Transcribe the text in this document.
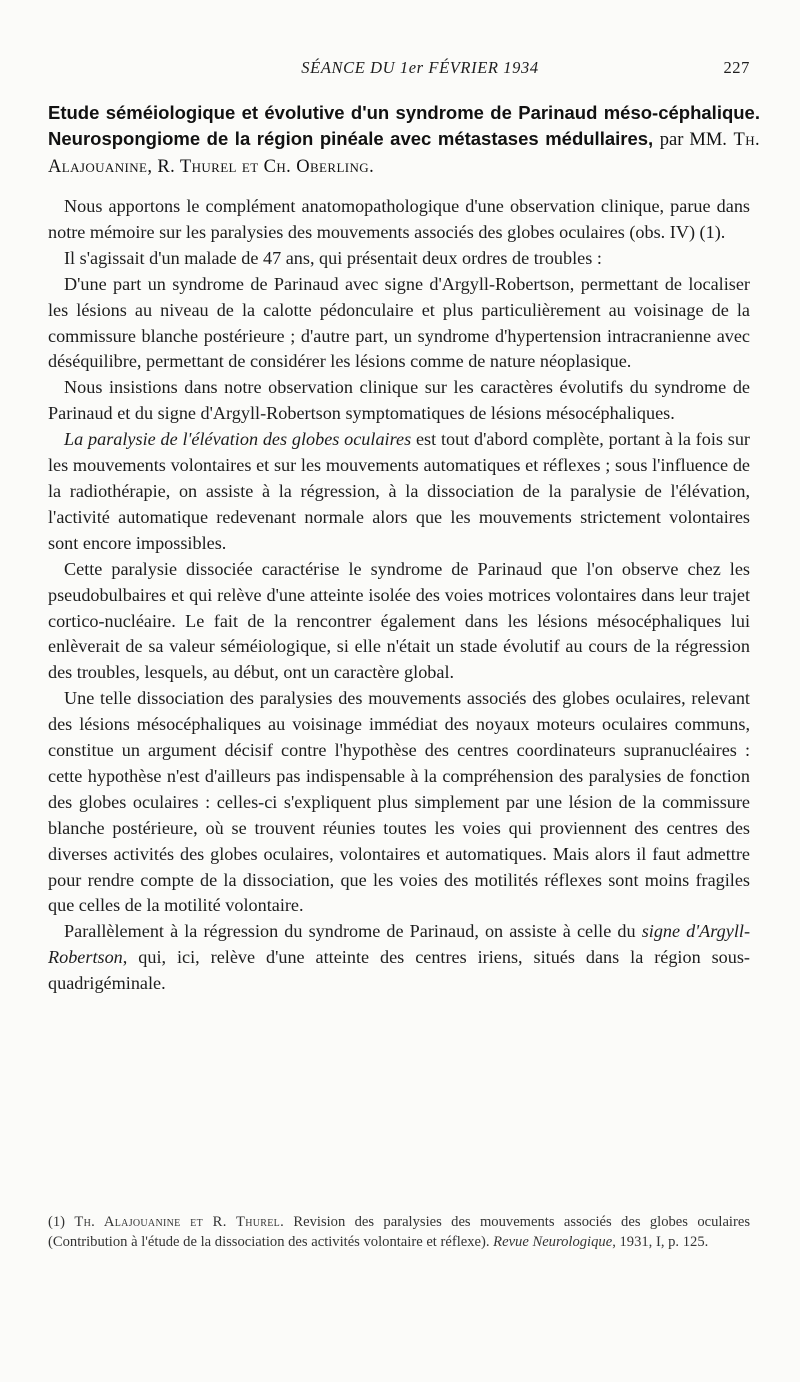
SÉANCE DU 1er FÉVRIER 1934	227
Etude séméiologique et évolutive d'un syndrome de Parinaud méso-céphalique. Neurospongiome de la région pinéale avec métastases médullaires, par MM. Th. Alajouanine, R. Thurel et Ch. Oberling.

Nous apportons le complément anatomopathologique d'une observation clinique, parue dans notre mémoire sur les paralysies des mouvements associés des globes oculaires (obs. IV) (1).

Il s'agissait d'un malade de 47 ans, qui présentait deux ordres de troubles :

D'une part un syndrome de Parinaud avec signe d'Argyll-Robertson, permettant de localiser les lésions au niveau de la calotte pédonculaire et plus particulièrement au voisinage de la commissure blanche postérieure ; d'autre part, un syndrome d'hypertension intracranienne avec déséquilibre, permettant de considérer les lésions comme de nature néoplasique.

Nous insistions dans notre observation clinique sur les caractères évolutifs du syndrome de Parinaud et du signe d'Argyll-Robertson symptomatiques de lésions mésocéphaliques.

La paralysie de l'élévation des globes oculaires est tout d'abord complète, portant à la fois sur les mouvements volontaires et sur les mouvements automatiques et réflexes ; sous l'influence de la radiothérapie, on assiste à la régression, à la dissociation de la paralysie de l'élévation, l'activité automatique redevenant normale alors que les mouvements strictement volontaires sont encore impossibles.

Cette paralysie dissociée caractérise le syndrome de Parinaud que l'on observe chez les pseudobulbaires et qui relève d'une atteinte isolée des voies motrices volontaires dans leur trajet cortico-nucléaire. Le fait de la rencontrer également dans les lésions mésocéphaliques lui enlèverait de sa valeur séméiologique, si elle n'était un stade évolutif au cours de la régression des troubles, lesquels, au début, ont un caractère global.

Une telle dissociation des paralysies des mouvements associés des globes oculaires, relevant des lésions mésocéphaliques au voisinage immédiat des noyaux moteurs oculaires communs, constitue un argument décisif contre l'hypothèse des centres coordinateurs supranucléaires : cette hypothèse n'est d'ailleurs pas indispensable à la compréhension des paralysies de fonction des globes oculaires : celles-ci s'expliquent plus simplement par une lésion de la commissure blanche postérieure, où se trouvent réunies toutes les voies qui proviennent des centres des diverses activités des globes oculaires, volontaires et automatiques. Mais alors il faut admettre pour rendre compte de la dissociation, que les voies des motilités réflexes sont moins fragiles que celles de la motilité volontaire.

Parallèlement à la régression du syndrome de Parinaud, on assiste à celle du signe d'Argyll-Robertson, qui, ici, relève d'une atteinte des centres iriens, situés dans la région sous-quadrigéminale.

(1) Th. Alajouanine et R. Thurel. Revision des paralysies des mouvements associés des globes oculaires (Contribution à l'étude de la dissociation des activités volontaire et réflexe). Revue Neurologique, 1931, I, p. 125.
